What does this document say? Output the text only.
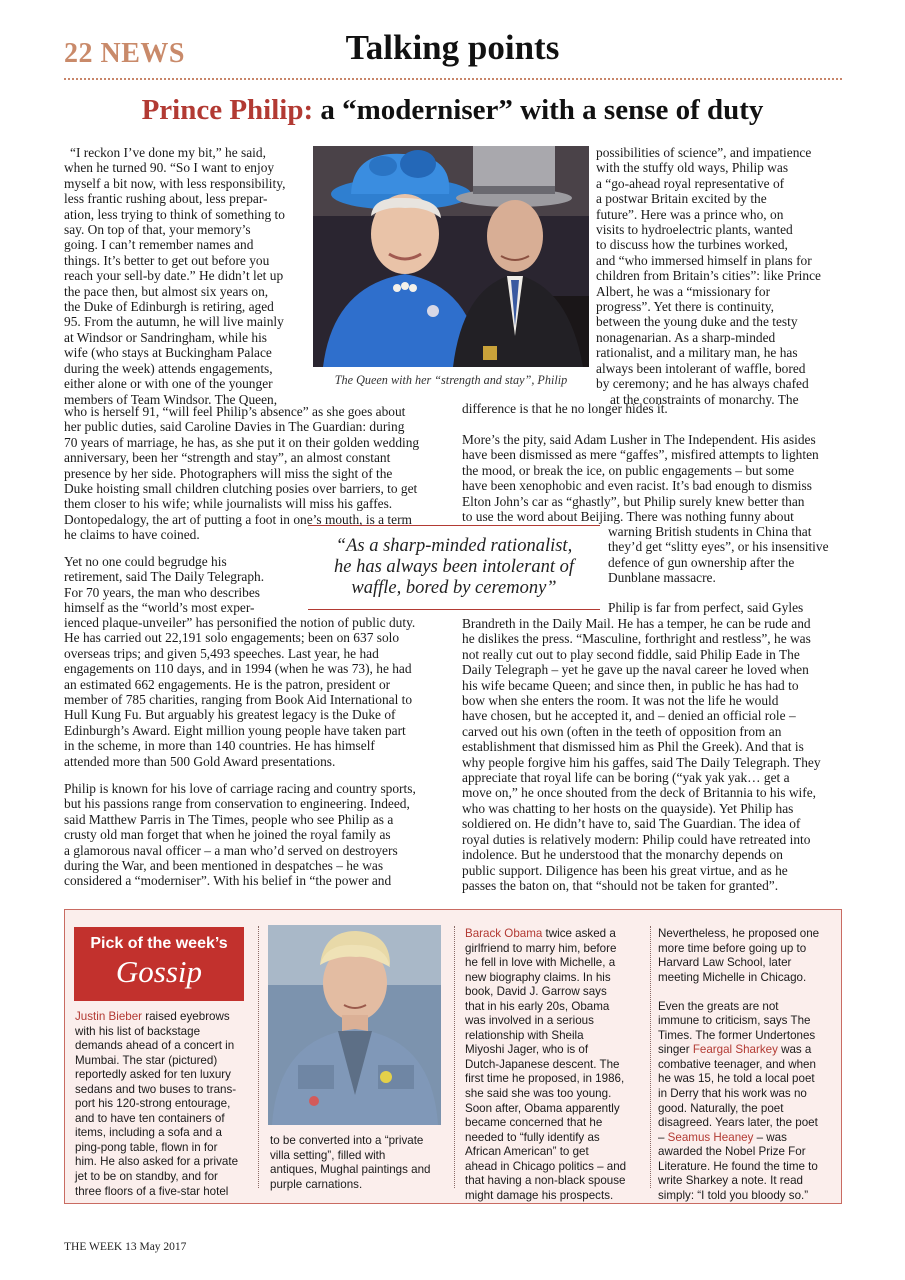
22 NEWS	Talking points
Prince Philip: a “moderniser” with a sense of duty
The Queen with her “strength and stay”, Philip
“I reckon I’ve done my bit,” he said,
when he turned 90. “So I want to enjoy
myself a bit now, with less responsibility,
less frantic rushing about, less prepar-
ation, less trying to think of something to
say. On top of that, your memory’s
going. I can’t remember names and
things. It’s better to get out before you
reach your sell-by date.” He didn’t let up
the pace then, but almost six years on,
the Duke of Edinburgh is retiring, aged
95. From the autumn, he will live mainly
at Windsor or Sandringham, while his
wife (who stays at Buckingham Palace
during the week) attends engagements,
either alone or with one of the younger
members of Team Windsor. The Queen,
who is herself 91, “will feel Philip’s absence” as she goes about
her public duties, said Caroline Davies in The Guardian: during
70 years of marriage, he has, as she put it on their golden wedding
anniversary, been her “strength and stay”, an almost constant
presence by her side. Photographers will miss the sight of the
Duke hoisting small children clutching posies over barriers, to get
them closer to his wife; while journalists will miss his gaffes.
Dontopedalogy, the art of putting a foot in one’s mouth, is a term
he claims to have coined.
Yet no one could begrudge his
retirement, said The Daily Telegraph.
For 70 years, the man who describes
himself as the “world’s most exper-
ienced plaque-unveiler” has personified the notion of public duty.
He has carried out 22,191 solo engagements; been on 637 solo
overseas trips; and given 5,493 speeches. Last year, he had
engagements on 110 days, and in 1994 (when he was 73), he had
an estimated 662 engagements. He is the patron, president or
member of 785 charities, ranging from Book Aid International to
Hull Kung Fu. But arguably his greatest legacy is the Duke of
Edinburgh’s Award. Eight million young people have taken part
in the scheme, in more than 140 countries. He has himself
attended more than 500 Gold Award presentations.
Philip is known for his love of carriage racing and country sports,
but his passions range from conservation to engineering. Indeed,
said Matthew Parris in The Times, people who see Philip as a
crusty old man forget that when he joined the royal family as
a glamorous naval officer – a man who’d served on destroyers
during the War, and been mentioned in despatches – he was
considered a “moderniser”. With his belief in “the power and
possibilities of science”, and impatience
with the stuffy old ways, Philip was
a “go-ahead royal representative of
a postwar Britain excited by the
future”. Here was a prince who, on
visits to hydroelectric plants, wanted
to discuss how the turbines worked,
and “who immersed himself in plans for
children from Britain’s cities”: like Prince
Albert, he was a “missionary for
progress”. Yet there is continuity,
between the young duke and the testy
nonagenarian. As a sharp-minded
rationalist, and a military man, he has
always been intolerant of waffle, bored
by ceremony; and he has always chafed
at the constraints of monarchy. The
difference is that he no longer hides it.
More’s the pity, said Adam Lusher in The Independent. His asides
have been dismissed as mere “gaffes”, misfired attempts to lighten
the mood, or break the ice, on public engagements – but some
have been xenophobic and even racist. It’s bad enough to dismiss
Elton John’s car as “ghastly”, but Philip surely knew better than
to use the word about Beijing. There was nothing funny about
warning British students in China that
they’d get “slitty eyes”, or his insensitive
defence of gun ownership after the
Dunblane massacre.
Philip is far from perfect, said Gyles
Brandreth in the Daily Mail. He has a temper, he can be rude and
he dislikes the press. “Masculine, forthright and restless”, he was
not really cut out to play second fiddle, said Philip Eade in The
Daily Telegraph – yet he gave up the naval career he loved when
his wife became Queen; and since then, in public he has had to
bow when she enters the room. It was not the life he would
have chosen, but he accepted it, and – denied an official role –
carved out his own (often in the teeth of opposition from an
establishment that dismissed him as Phil the Greek). And that is
why people forgive him his gaffes, said The Daily Telegraph. They
appreciate that royal life can be boring (“yak yak yak… get a
move on,” he once shouted from the deck of Britannia to his wife,
who was chatting to her hosts on the quayside). Yet Philip has
soldiered on. He didn’t have to, said The Guardian. The idea of
royal duties is relatively modern: Philip could have retreated into
indolence. But he understood that the monarchy depends on
public support. Diligence has been his great virtue, and as he
passes the baton on, that “should not be taken for granted”.
“As a sharp-minded rationalist,
he has always been intolerant of
waffle, bored by ceremony”
Pick of the week’s
Gossip
Justin Bieber raised eyebrows
with his list of backstage
demands ahead of a concert in
Mumbai. The star (pictured)
reportedly asked for ten luxury
sedans and two buses to trans-
port his 120-strong entourage,
and to have ten containers of
items, including a sofa and a
ping-pong table, flown in for
him. He also asked for a private
jet to be on standby, and for
three floors of a five-star hotel
to be converted into a “private
villa setting”, filled with
antiques, Mughal paintings and
purple carnations.
Barack Obama twice asked a
girlfriend to marry him, before
he fell in love with Michelle, a
new biography claims. In his
book, David J. Garrow says
that in his early 20s, Obama
was involved in a serious
relationship with Sheila
Miyoshi Jager, who is of
Dutch-Japanese descent. The
first time he proposed, in 1986,
she said she was too young.
Soon after, Obama apparently
became concerned that he
needed to “fully identify as
African American” to get
ahead in Chicago politics – and
that having a non-black spouse
might damage his prospects.
Nevertheless, he proposed one
more time before going up to
Harvard Law School, later
meeting Michelle in Chicago.

Even the greats are not
immune to criticism, says The
Times. The former Undertones
singer Feargal Sharkey was a
combative teenager, and when
he was 15, he told a local poet
in Derry that his work was no
good. Naturally, the poet
disagreed. Years later, the poet
– Seamus Heaney – was
awarded the Nobel Prize For
Literature. He found the time to
write Sharkey a note. It read
simply: “I told you bloody so.”
THE WEEK 13 May 2017
